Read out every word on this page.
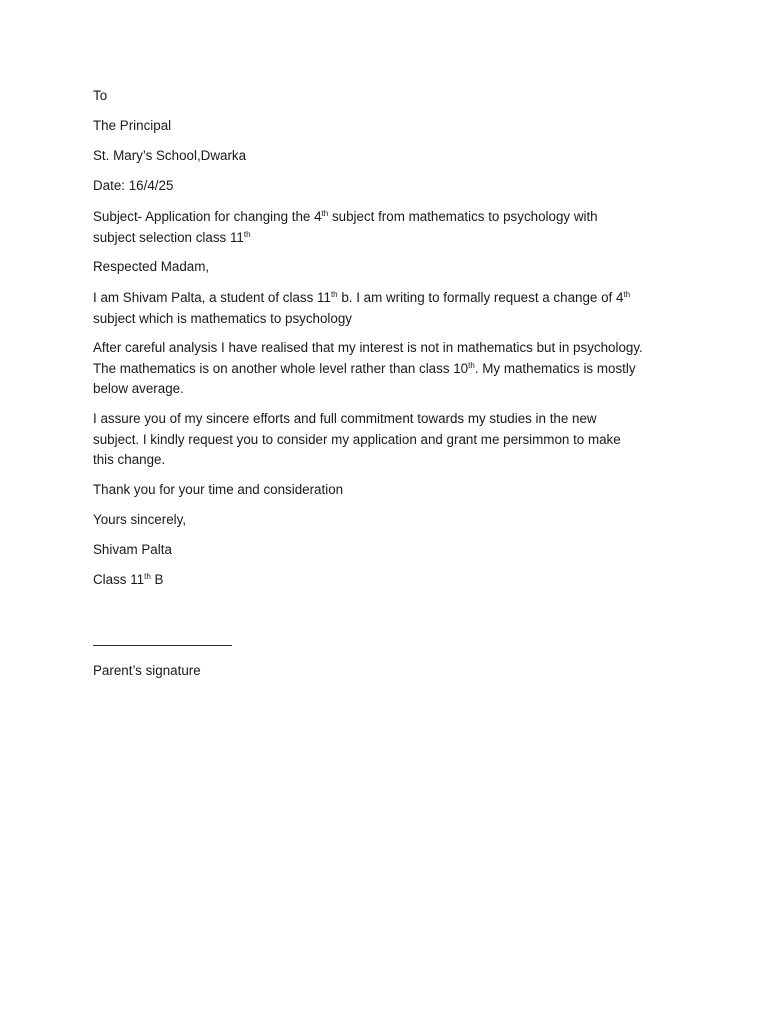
To

The Principal

St. Mary’s School,Dwarka

Date: 16/4/25

Subject- Application for changing the 4th subject from mathematics to psychology with
subject selection class 11th

Respected Madam,

I am Shivam Palta, a student of class 11th b. I am writing to formally request a change of 4th
subject which is mathematics to psychology
After careful analysis I have realised that my interest is not in mathematics but in psychology.
The mathematics is on another whole level rather than class 10th. My mathematics is mostly
below average.
I assure you of my sincere efforts and full commitment towards my studies in the new
subject. I kindly request you to consider my application and grant me persimmon to make
this change.

Thank you for your time and consideration

Yours sincerely,

Shivam Palta

Class 11th B

Parent’s signature
